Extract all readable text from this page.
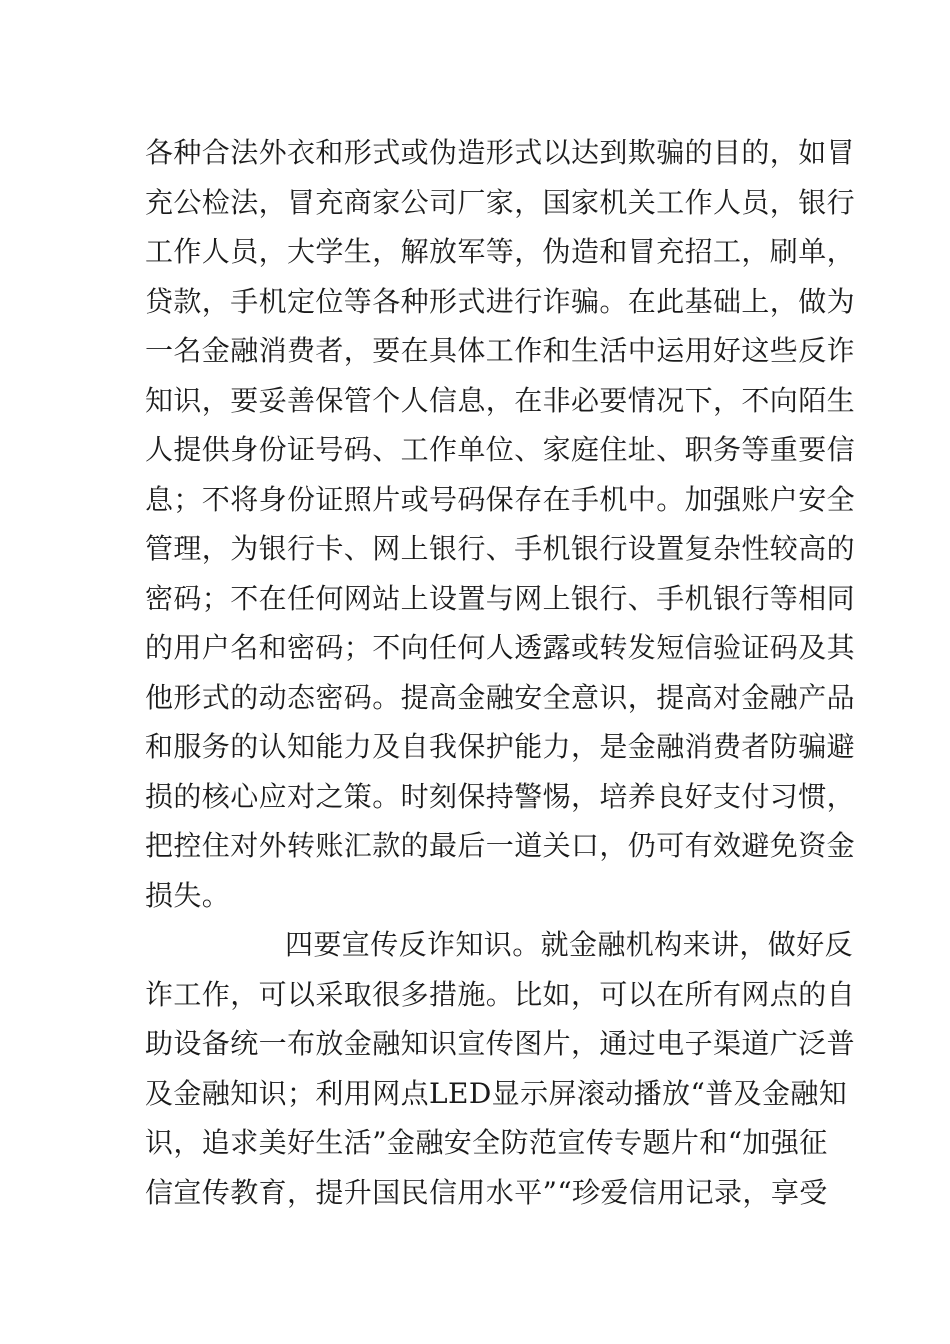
各种合法外衣和形式或伪造形式以达到欺骗的目的，如冒
充公检法，冒充商家公司厂家，国家机关工作人员，银行
工作人员，大学生，解放军等，伪造和冒充招工，刷单，
贷款，手机定位等各种形式进行诈骗。在此基础上，做为
一名金融消费者，要在具体工作和生活中运用好这些反诈
知识，要妥善保管个人信息，在非必要情况下，不向陌生
人提供身份证号码、工作单位、家庭住址、职务等重要信
息；不将身份证照片或号码保存在手机中。加强账户安全
管理，为银行卡、网上银行、手机银行设置复杂性较高的
密码；不在任何网站上设置与网上银行、手机银行等相同
的用户名和密码；不向任何人透露或转发短信验证码及其
他形式的动态密码。提高金融安全意识，提高对金融产品
和服务的认知能力及自我保护能力，是金融消费者防骗避
损的核心应对之策。时刻保持警惕，培养良好支付习惯，
把控住对外转账汇款的最后一道关口，仍可有效避免资金
损失。
四要宣传反诈知识。就金融机构来讲，做好反
诈工作，可以采取很多措施。比如，可以在所有网点的自
助设备统一布放金融知识宣传图片，通过电子渠道广泛普
及金融知识；利用网点LED显示屏滚动播放“普及金融知
识，追求美好生活”金融安全防范宣传专题片和“加强征
信宣传教育，提升国民信用水平”“珍爱信用记录，享受
